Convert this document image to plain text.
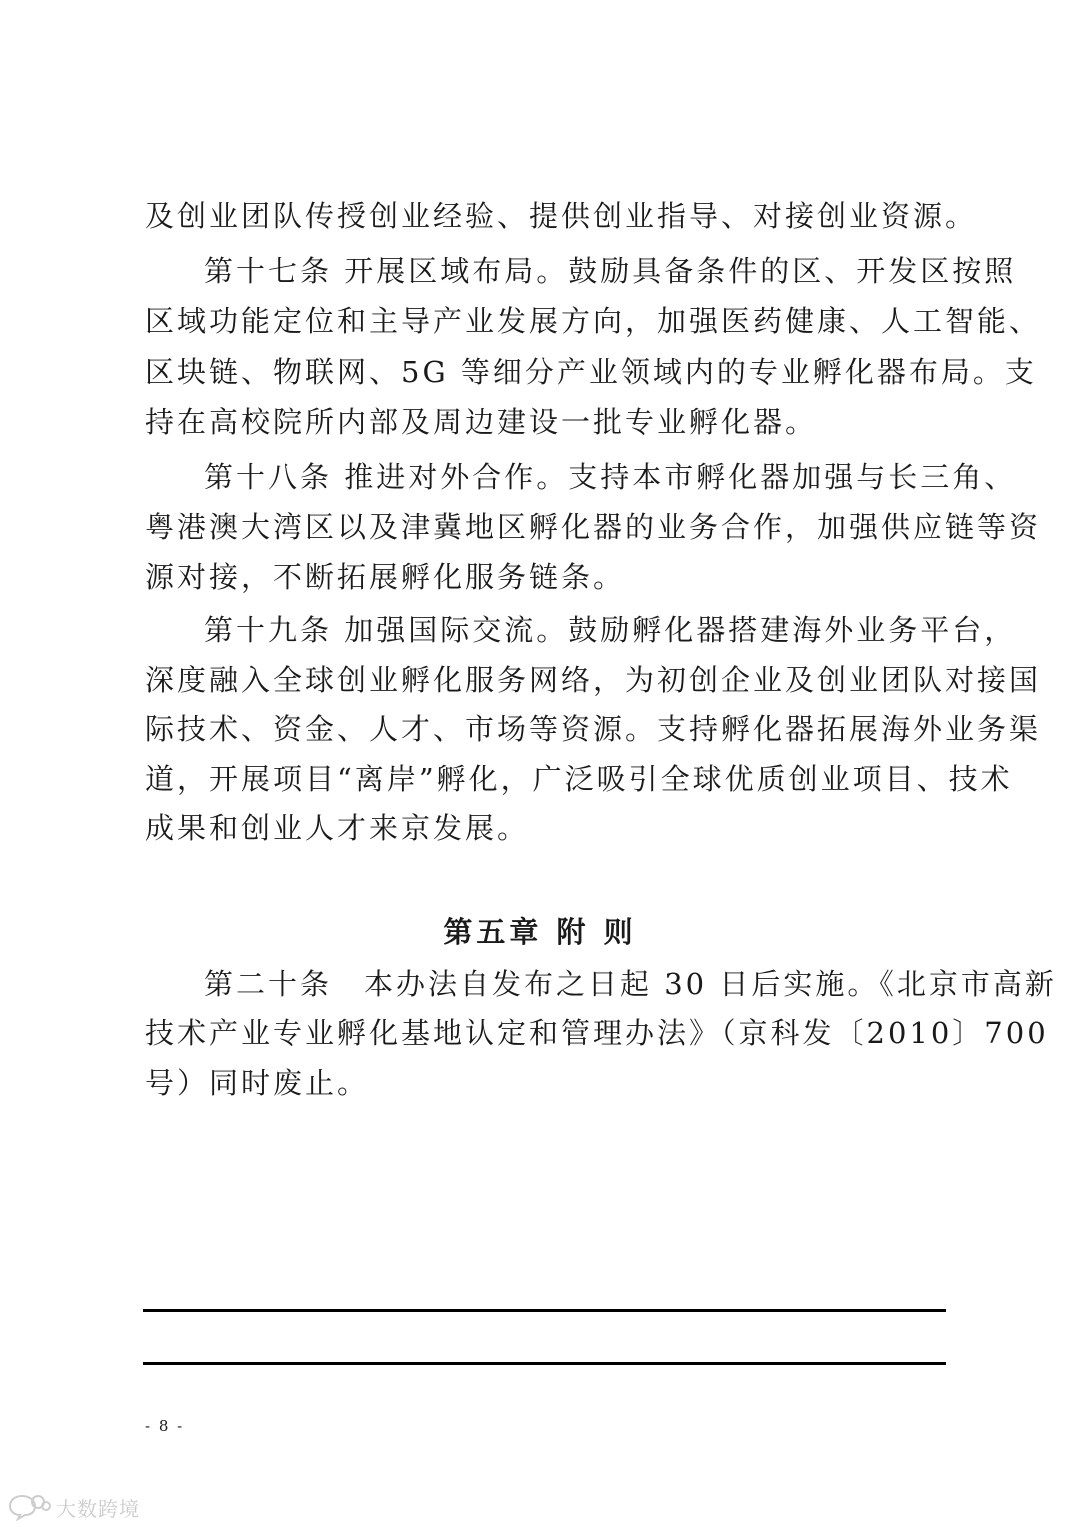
及创业团队传授创业经验、提供创业指导、对接创业资源。
第十七条 开展区域布局。鼓励具备条件的区、开发区按照
区域功能定位和主导产业发展方向，加强医药健康、人工智能、
区块链、物联网、5G 等细分产业领域内的专业孵化器布局。支
持在高校院所内部及周边建设一批专业孵化器。
第十八条 推进对外合作。支持本市孵化器加强与长三角、
粤港澳大湾区以及津冀地区孵化器的业务合作，加强供应链等资
源对接，不断拓展孵化服务链条。
第十九条 加强国际交流。鼓励孵化器搭建海外业务平台，
深度融入全球创业孵化服务网络，为初创企业及创业团队对接国
际技术、资金、人才、市场等资源。支持孵化器拓展海外业务渠
道，开展项目“离岸”孵化，广泛吸引全球优质创业项目、技术
成果和创业人才来京发展。
第五章 附 则
第二十条　本办法自发布之日起 30 日后实施。《北京市高新
技术产业专业孵化基地认定和管理办法》（京科发〔2010〕700
号）同时废止。
- 8 -
大数跨境
